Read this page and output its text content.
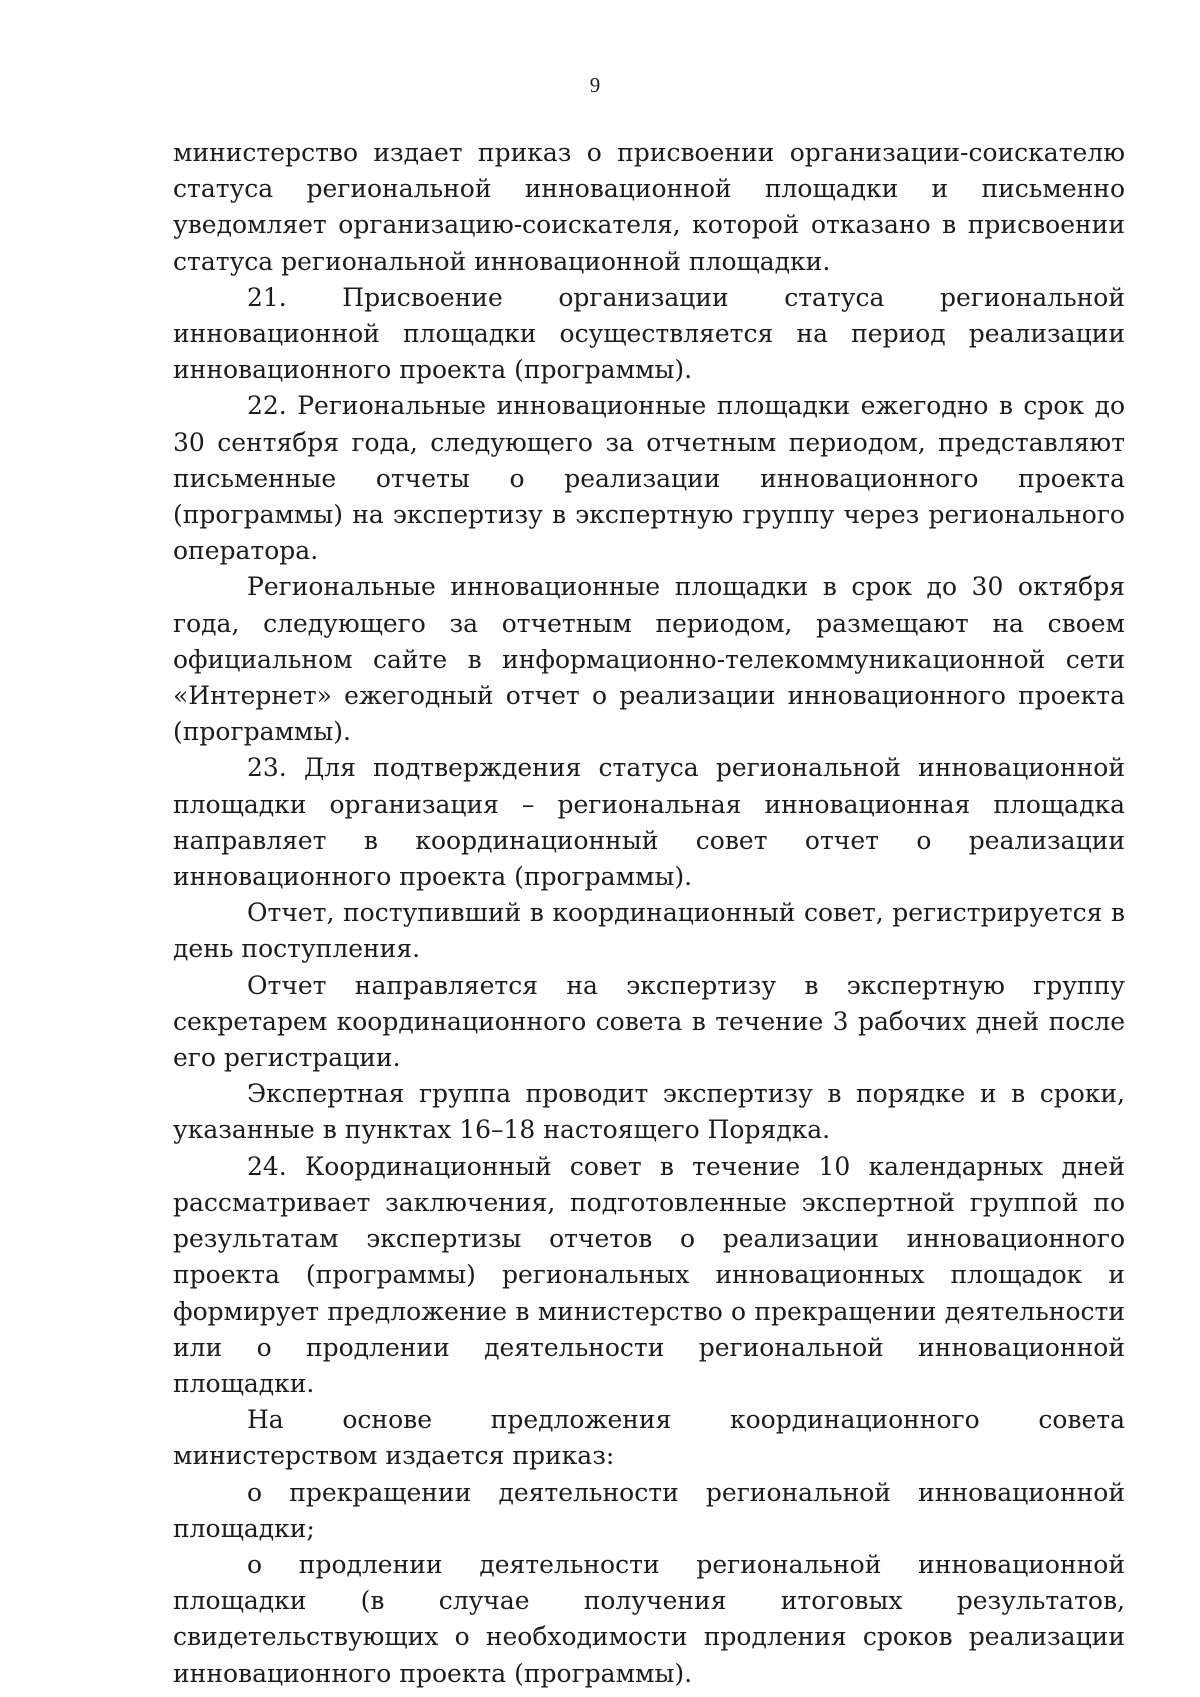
9

министерство издает приказ о присвоении организации-соискателю статуса региональной инновационной площадки и письменно уведомляет организацию-соискателя, которой отказано в присвоении статуса региональной инновационной площадки.

21. Присвоение организации статуса региональной инновационной площадки осуществляется на период реализации инновационного проекта (программы).

22. Региональные инновационные площадки ежегодно в срок до 30 сентября года, следующего за отчетным периодом, представляют письменные отчеты о реализации инновационного проекта (программы) на экспертизу в экспертную группу через регионального оператора.

Региональные инновационные площадки в срок до 30 октября года, следующего за отчетным периодом, размещают на своем официальном сайте в информационно-телекоммуникационной сети «Интернет» ежегодный отчет о реализации инновационного проекта (программы).

23. Для подтверждения статуса региональной инновационной площадки организация – региональная инновационная площадка направляет в координационный совет отчет о реализации инновационного проекта (программы).

Отчет, поступивший в координационный совет, регистрируется в день поступления.

Отчет направляется на экспертизу в экспертную группу секретарем координационного совета в течение 3 рабочих дней после его регистрации.

Экспертная группа проводит экспертизу в порядке и в сроки, указанные в пунктах 16–18 настоящего Порядка.

24. Координационный совет в течение 10 календарных дней рассматривает заключения, подготовленные экспертной группой по результатам экспертизы отчетов о реализации инновационного проекта (программы) региональных инновационных площадок и формирует предложение в министерство о прекращении деятельности или о продлении деятельности региональной инновационной площадки.

На основе предложения координационного совета министерством издается приказ:

о прекращении деятельности региональной инновационной площадки;

о продлении деятельности региональной инновационной площадки (в случае получения итоговых результатов, свидетельствующих о необходимости продления сроков реализации инновационного проекта (программы).
